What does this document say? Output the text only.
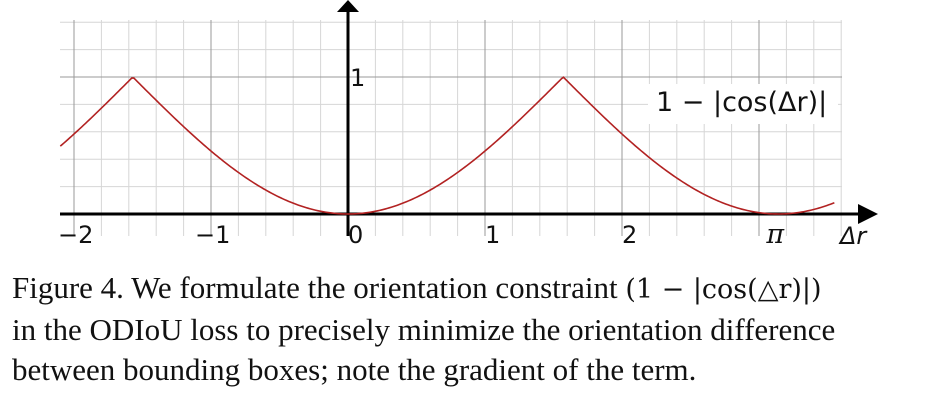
−2	−1	0	1	2	π
1
Δr
1 − |cos(Δr)|

Figure 4. We formulate the orientation constraint (1 − |cos(△r)|)
in the ODIoU loss to precisely minimize the orientation difference
between bounding boxes; note the gradient of the term.
